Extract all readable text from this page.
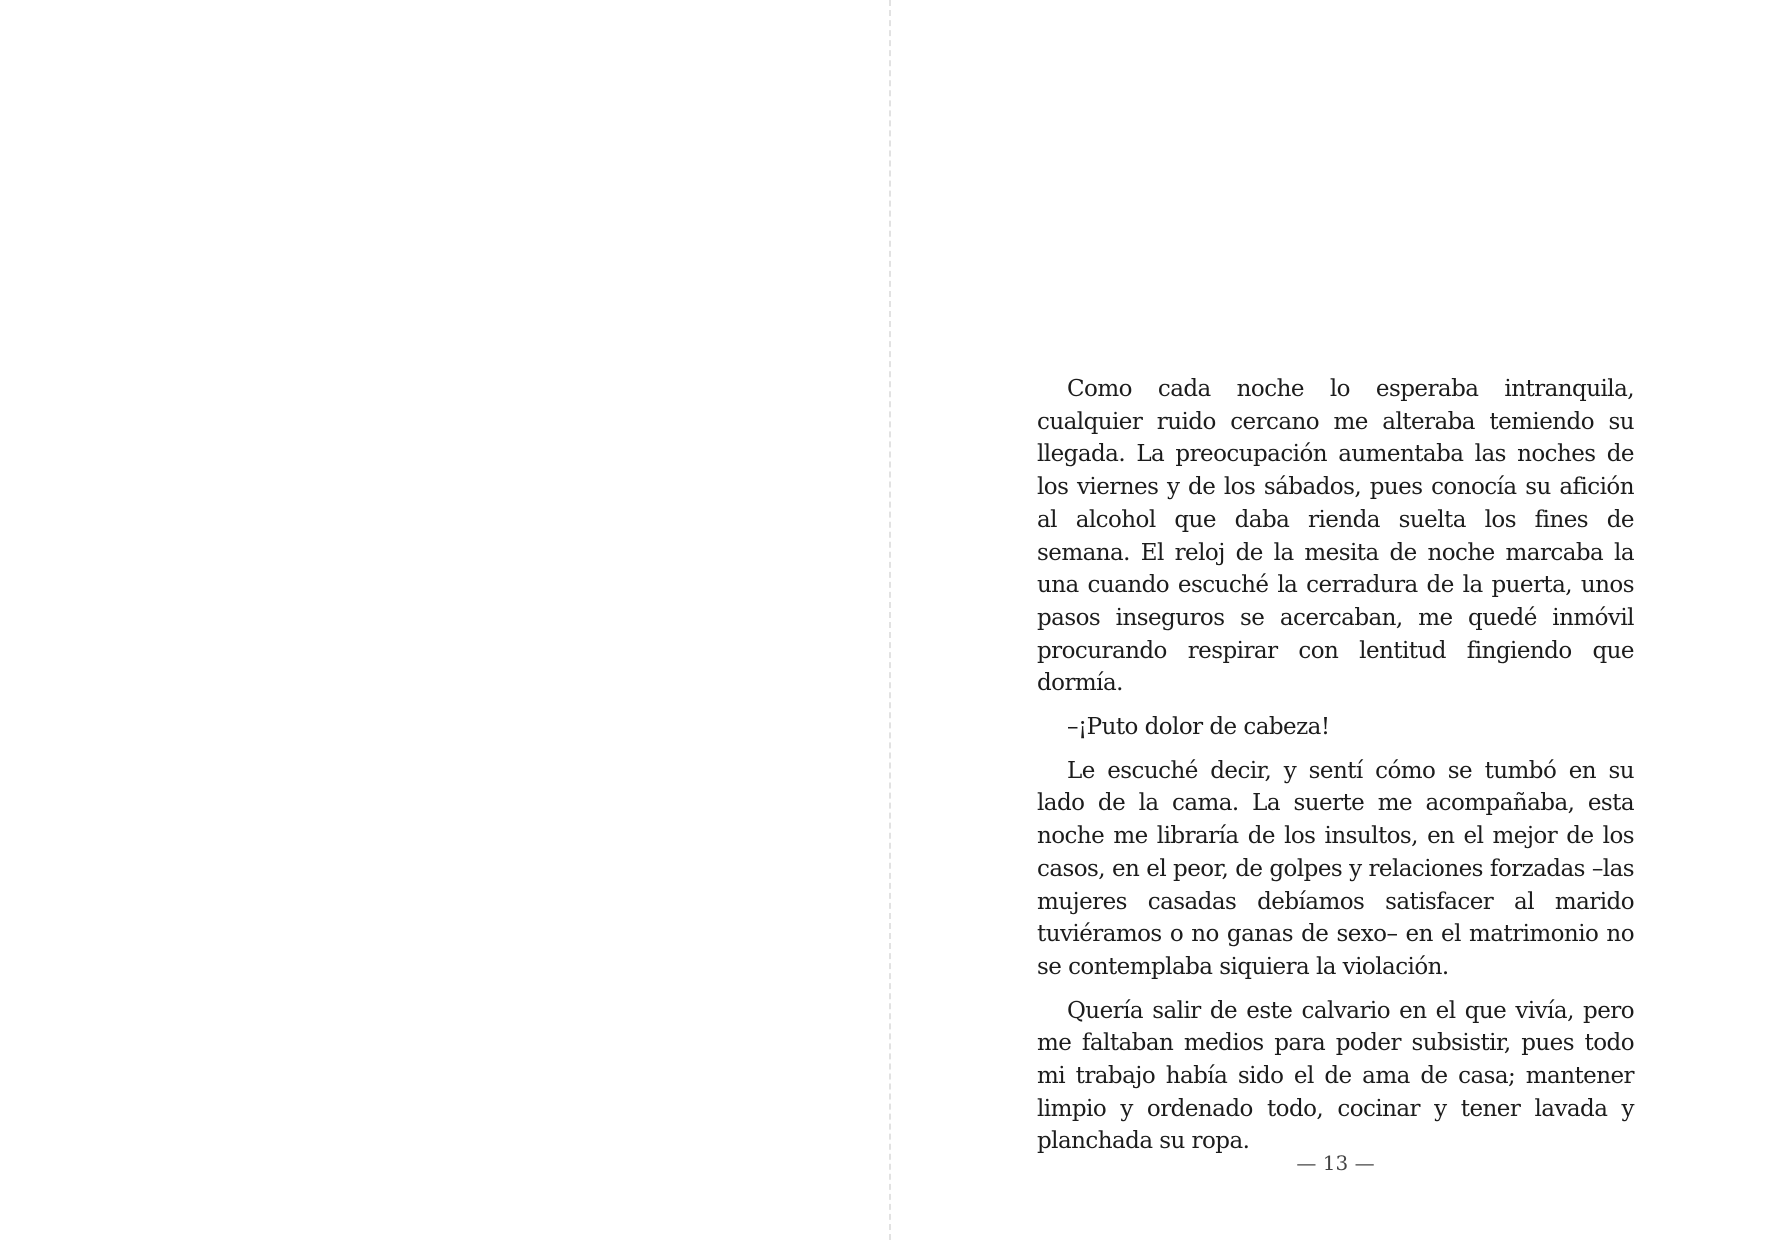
Como cada noche lo esperaba intranquila, cualquier ruido cercano me alteraba temiendo su llegada. La preocupación aumentaba las noches de los viernes y de los sábados, pues conocía su afición al alcohol que daba rienda suelta los fines de semana. El reloj de la mesita de noche marcaba la una cuando escuché la cerradura de la puerta, unos pasos inseguros se acercaban, me quedé inmóvil procurando respirar con lentitud fingiendo que dormía.

–¡Puto dolor de cabeza!

Le escuché decir, y sentí cómo se tumbó en su lado de la cama. La suerte me acompañaba, esta noche me libraría de los insultos, en el mejor de los casos, en el peor, de golpes y relaciones forzadas –las mujeres casadas debíamos satisfacer al marido tuviéramos o no ganas de sexo– en el matrimonio no se contemplaba siquiera la violación.

Quería salir de este calvario en el que vivía, pero me faltaban medios para poder subsistir, pues todo mi trabajo había sido el de ama de casa; mantener limpio y ordenado todo, cocinar y tener lavada y planchada su ropa.

— 13 —
